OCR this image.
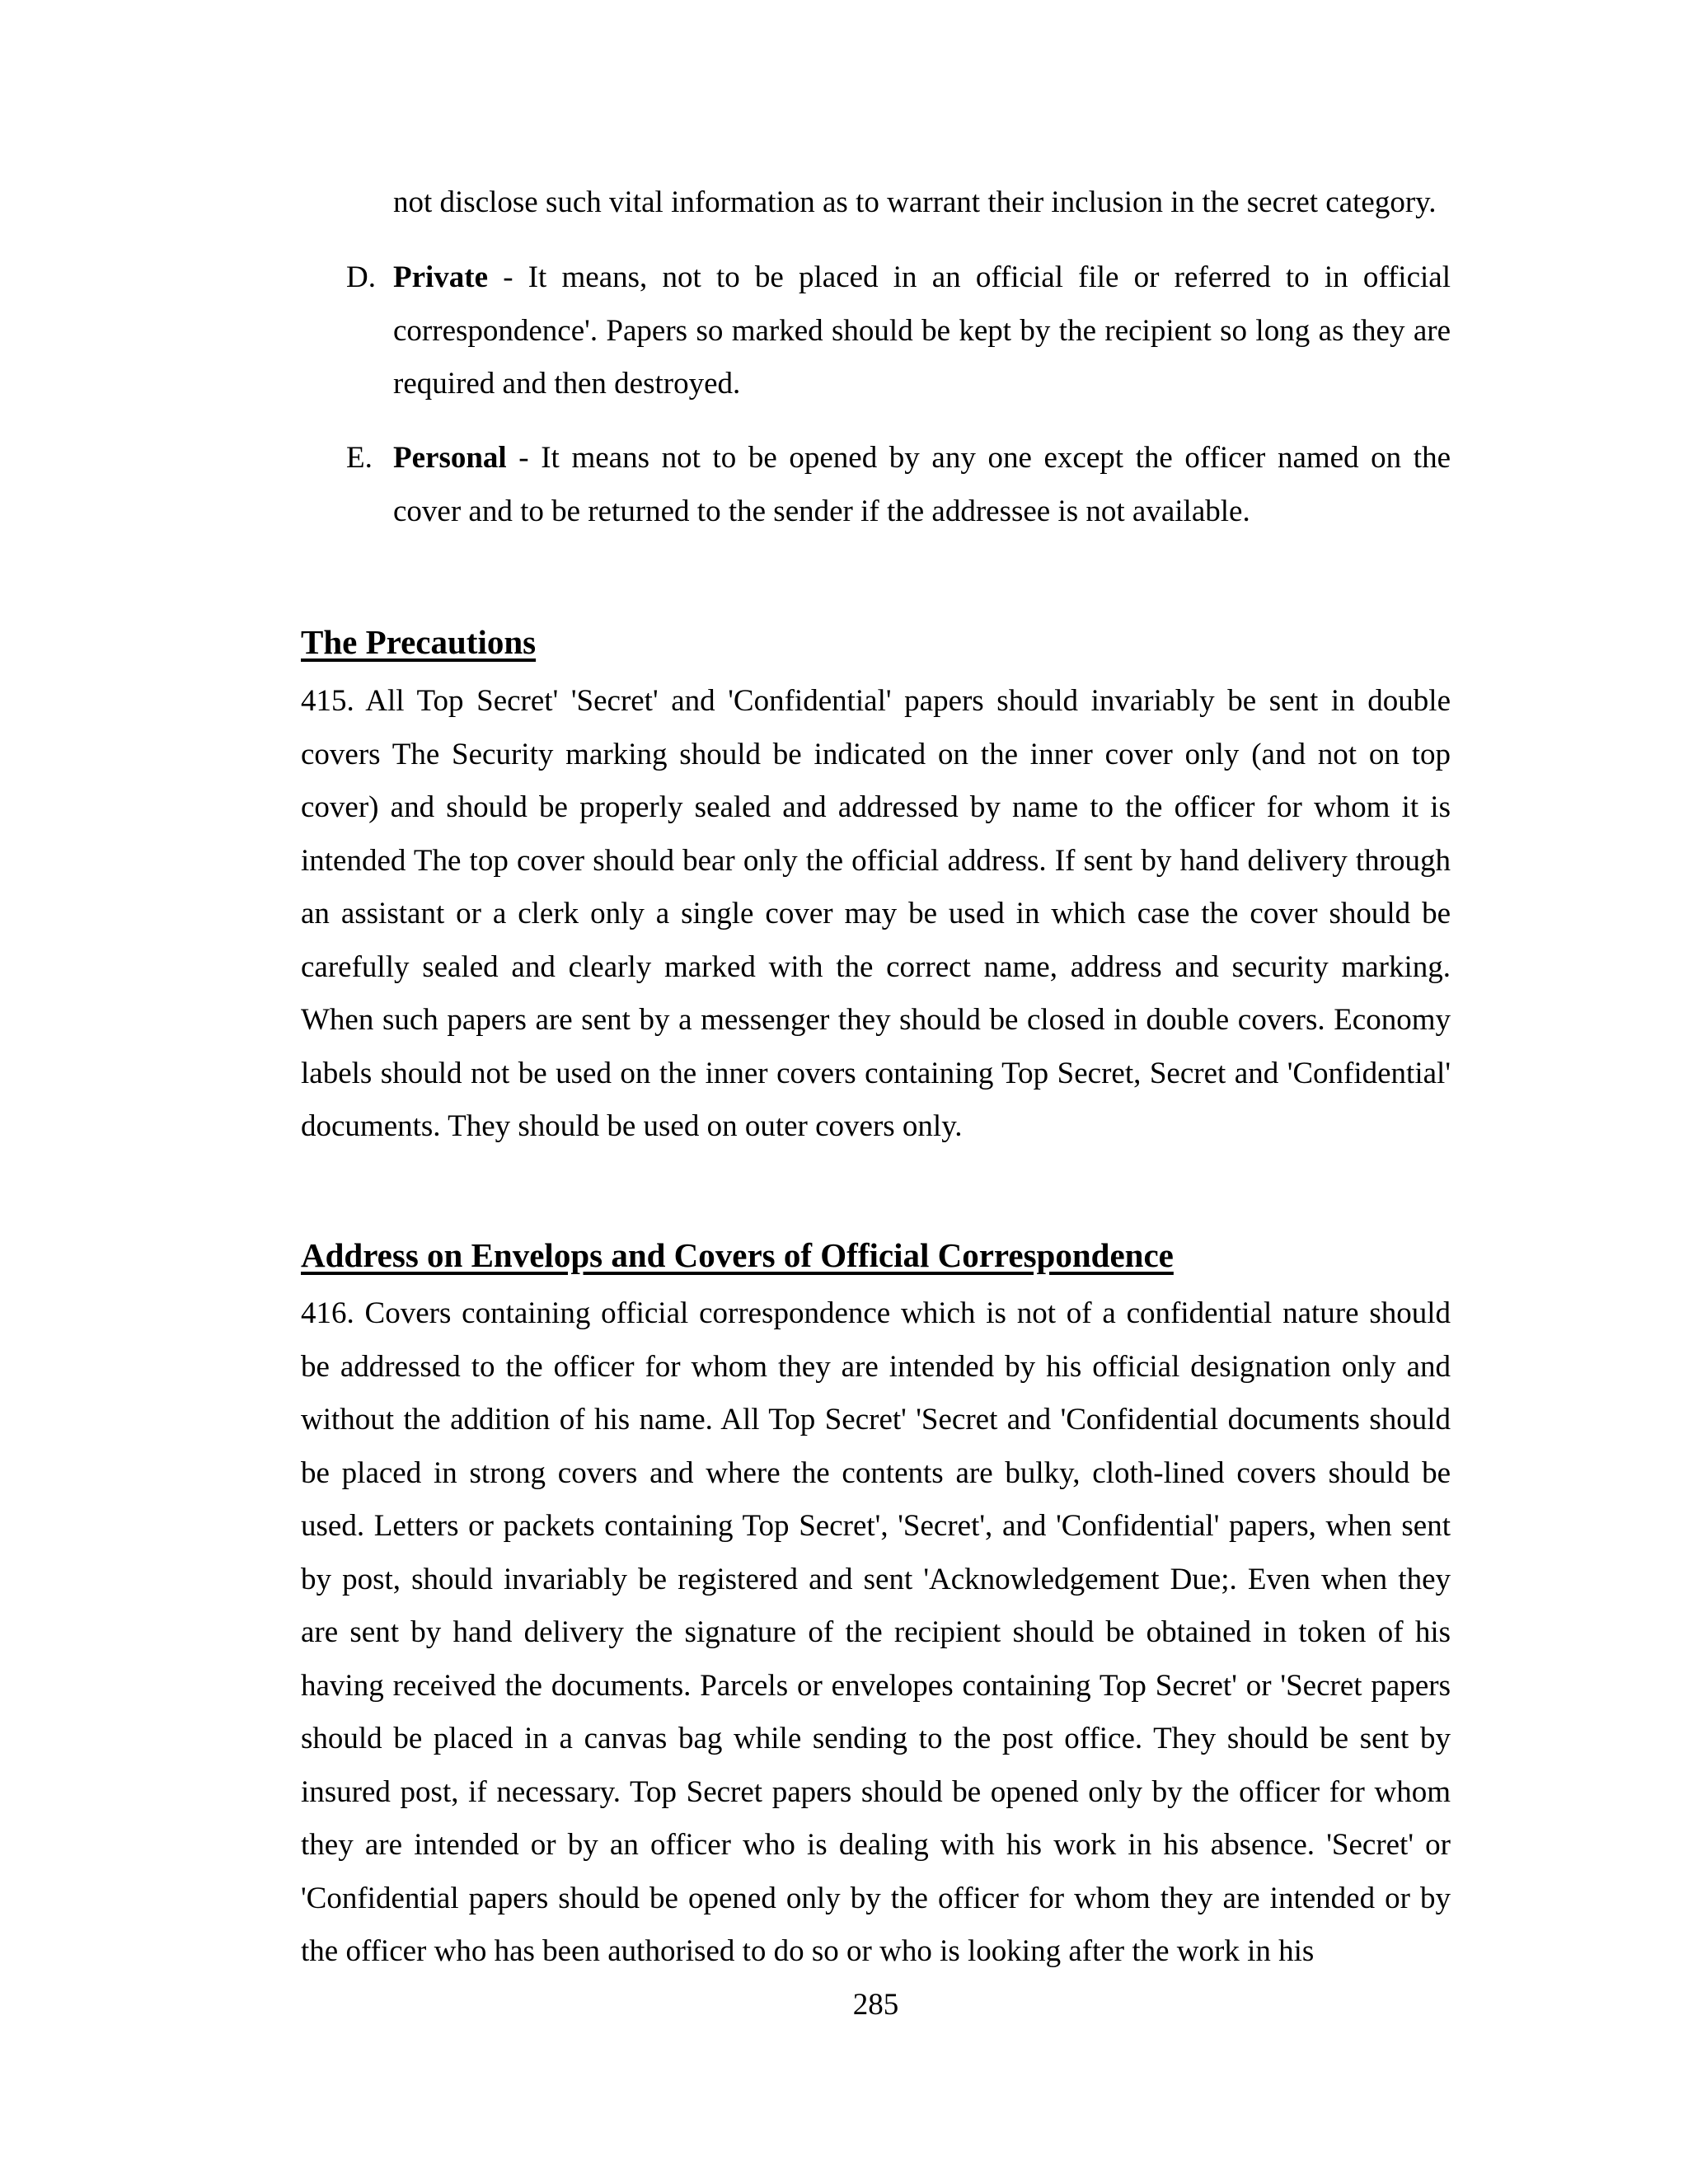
not disclose such vital information as to warrant their inclusion in the secret category.

D. Private - It means, not to be placed in an official file or referred to in official correspondence'. Papers so marked should be kept by the recipient so long as they are required and then destroyed.
E. Personal - It means not to be opened by any one except the officer named on the cover and to be returned to the sender if the addressee is not available.
The Precautions

415. All Top Secret' 'Secret' and 'Confidential' papers should invariably be sent in double covers The Security marking should be indicated on the inner cover only (and not on top cover) and should be properly sealed and addressed by name to the officer for whom it is intended The top cover should bear only the official address. If sent by hand delivery through an assistant or a clerk only a single cover may be used in which case the cover should be carefully sealed and clearly marked with the correct name, address and security marking. When such papers are sent by a messenger they should be closed in double covers. Economy labels should not be used on the inner covers containing Top Secret, Secret and 'Confidential' documents. They should be used on outer covers only.

Address on Envelops and Covers of Official Correspondence

416. Covers containing official correspondence which is not of a confidential nature should be addressed to the officer for whom they are intended by his official designation only and without the addition of his name. All Top Secret' 'Secret and 'Confidential documents should be placed in strong covers and where the contents are bulky, cloth-lined covers should be used. Letters or packets containing Top Secret', 'Secret', and 'Confidential' papers, when sent by post, should invariably be registered and sent 'Acknowledgement Due;. Even when they are sent by hand delivery the signature of the recipient should be obtained in token of his having received the documents. Parcels or envelopes containing Top Secret' or 'Secret papers should be placed in a canvas bag while sending to the post office. They should be sent by insured post, if necessary. Top Secret papers should be opened only by the officer for whom they are intended or by an officer who is dealing with his work in his absence. 'Secret' or 'Confidential papers should be opened only by the officer for whom they are intended or by the officer who has been authorised to do so or who is looking after the work in his

285
